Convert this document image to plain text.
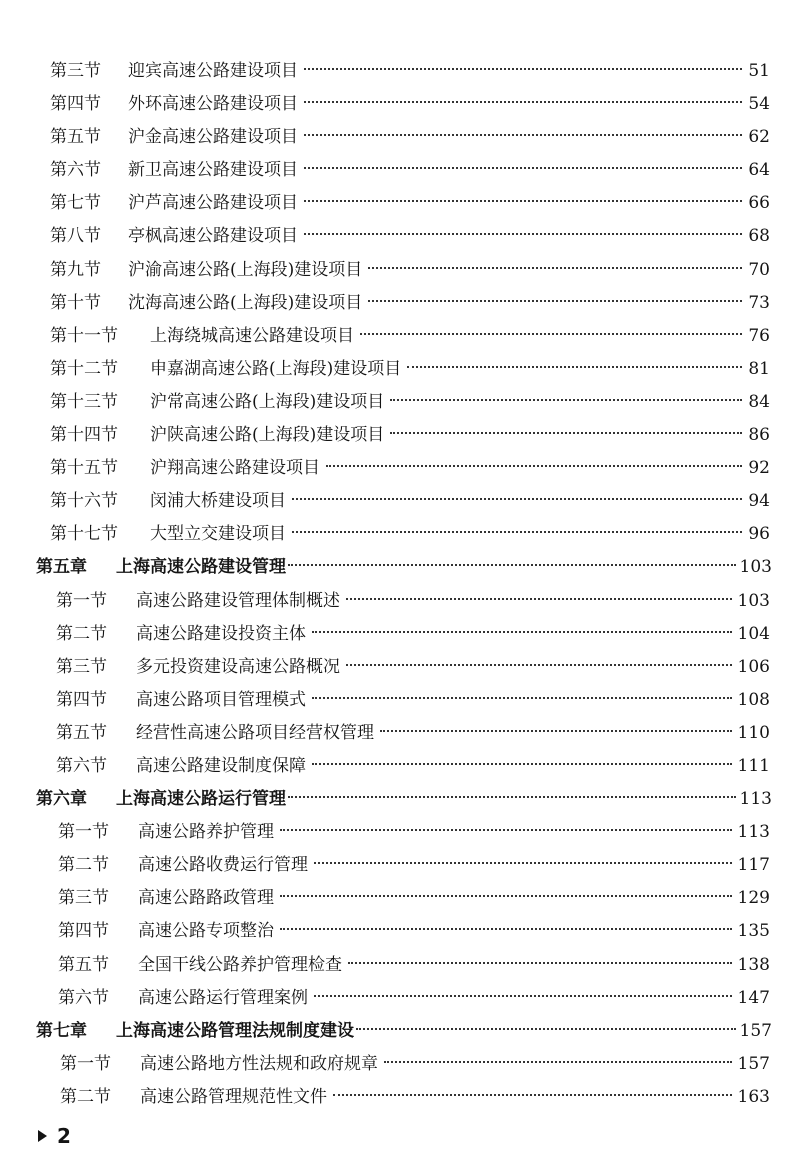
第三节	迎宾高速公路建设项目	51
第四节	外环高速公路建设项目	54
第五节	沪金高速公路建设项目	62
第六节	新卫高速公路建设项目	64
第七节	沪芦高速公路建设项目	66
第八节	亭枫高速公路建设项目	68
第九节	沪渝高速公路(上海段)建设项目	70
第十节	沈海高速公路(上海段)建设项目	73
第十一节	上海绕城高速公路建设项目	76
第十二节	申嘉湖高速公路(上海段)建设项目	81
第十三节	沪常高速公路(上海段)建设项目	84
第十四节	沪陕高速公路(上海段)建设项目	86
第十五节	沪翔高速公路建设项目	92
第十六节	闵浦大桥建设项目	94
第十七节	大型立交建设项目	96
第五章	上海高速公路建设管理	103
第一节	高速公路建设管理体制概述	103
第二节	高速公路建设投资主体	104
第三节	多元投资建设高速公路概况	106
第四节	高速公路项目管理模式	108
第五节	经营性高速公路项目经营权管理	110
第六节	高速公路建设制度保障	111
第六章	上海高速公路运行管理	113
第一节	高速公路养护管理	113
第二节	高速公路收费运行管理	117
第三节	高速公路路政管理	129
第四节	高速公路专项整治	135
第五节	全国干线公路养护管理检查	138
第六节	高速公路运行管理案例	147
第七章	上海高速公路管理法规制度建设	157
第一节	高速公路地方性法规和政府规章	157
第二节	高速公路管理规范性文件	163
2
